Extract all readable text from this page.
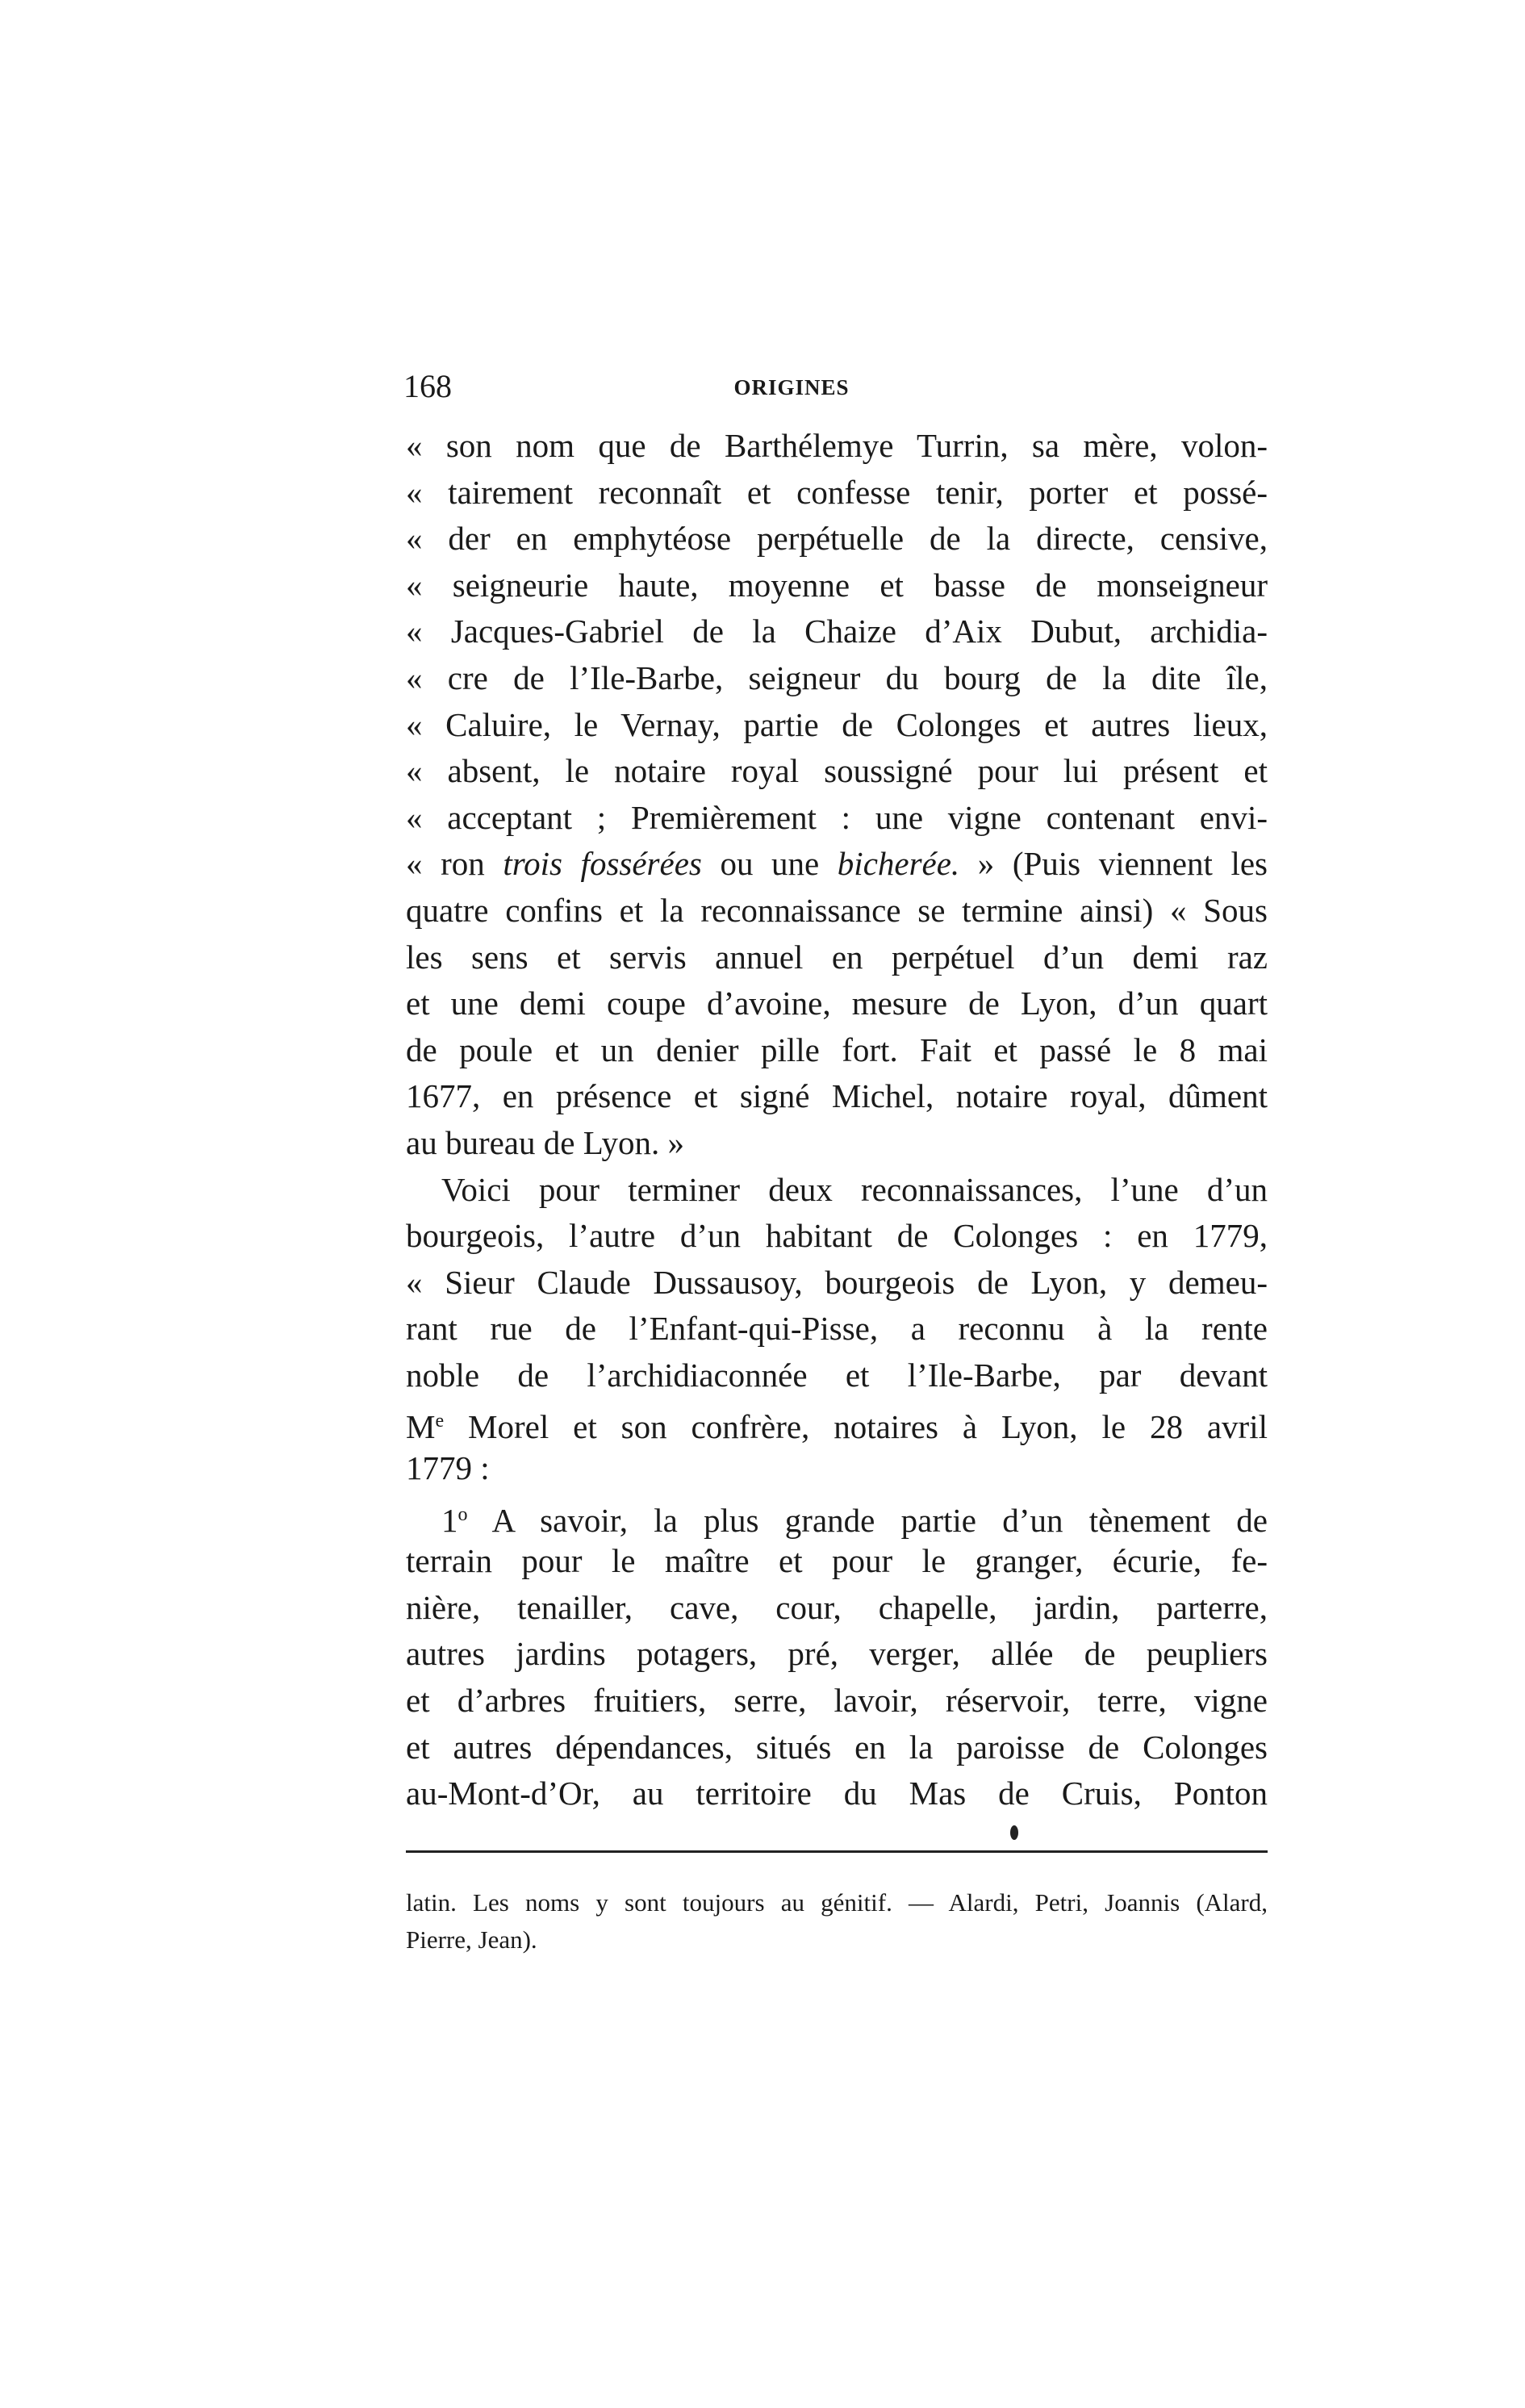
168	ORIGINES
« son nom que de Barthélemye Turrin, sa mère, volon-
« tairement reconnaît et confesse tenir, porter et possé-
« der en emphytéose perpétuelle de la directe, censive,
« seigneurie haute, moyenne et basse de monseigneur
« Jacques-Gabriel de la Chaize d’Aix Dubut, archidia-
« cre de l’Ile-Barbe, seigneur du bourg de la dite île,
« Caluire, le Vernay, partie de Colonges et autres lieux,
« absent, le notaire royal soussigné pour lui présent et
« acceptant ; Premièrement : une vigne contenant envi-
« ron trois fossérées ou une bicherée. » (Puis viennent les
quatre confins et la reconnaissance se termine ainsi) « Sous
les sens et servis annuel en perpétuel d’un demi raz
et une demi coupe d’avoine, mesure de Lyon, d’un quart
de poule et un denier pille fort. Fait et passé le 8 mai
1677, en présence et signé Michel, notaire royal, dûment
au bureau de Lyon. »
Voici pour terminer deux reconnaissances, l’une d’un
bourgeois, l’autre d’un habitant de Colonges : en 1779,
« Sieur Claude Dussausoy, bourgeois de Lyon, y demeu-
rant rue de l’Enfant-qui-Pisse, a reconnu à la rente
noble de l’archidiaconnée et l’Ile-Barbe, par devant
Me Morel et son confrère, notaires à Lyon, le 28 avril
1779 :
1$^o$ A savoir, la plus grande partie d’un tènement de
terrain pour le maître et pour le granger, écurie, fe-
nière, tenailler, cave, cour, chapelle, jardin, parterre,
autres jardins potagers, pré, verger, allée de peupliers
et d’arbres fruitiers, serre, lavoir, réservoir, terre, vigne
et autres dépendances, situés en la paroisse de Colonges
au-Mont-d’Or, au territoire du Mas de Cruis, Ponton
latin. Les noms y sont toujours au génitif. — Alardi, Petri, Joannis (Alard,
Pierre, Jean).
